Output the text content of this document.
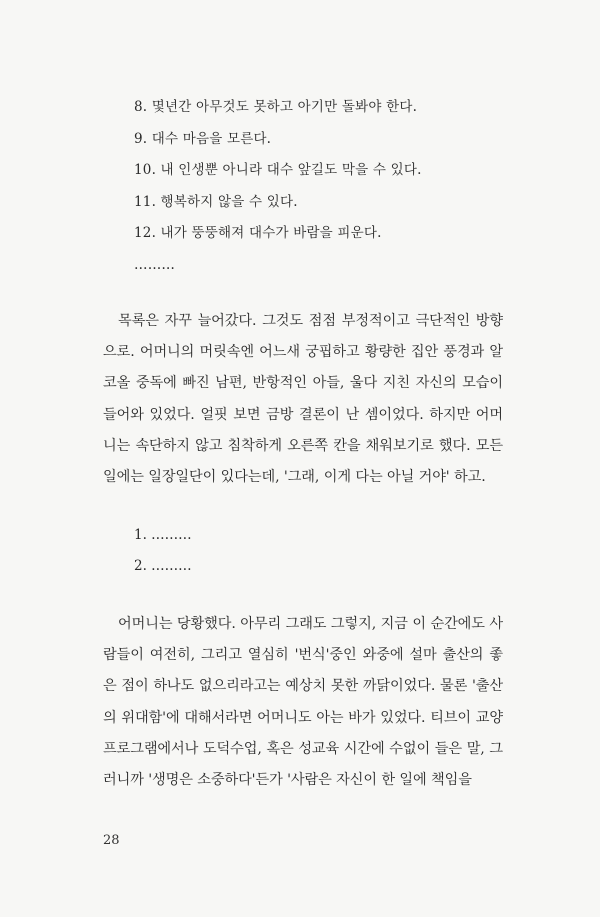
8. 몇년간 아무것도 못하고 아기만 돌봐야 한다.
9. 대수 마음을 모른다.
10. 내 인생뿐 아니라 대수 앞길도 막을 수 있다.
11. 행복하지 않을 수 있다.
12. 내가 뚱뚱해져 대수가 바람을 피운다.
………

목록은 자꾸 늘어갔다. 그것도 점점 부정적이고 극단적인 방향으로. 어머니의 머릿속엔 어느새 궁핍하고 황량한 집안 풍경과 알코올 중독에 빠진 남편, 반항적인 아들, 울다 지친 자신의 모습이 들어와 있었다. 얼핏 보면 금방 결론이 난 셈이었다. 하지만 어머니는 속단하지 않고 침착하게 오른쪽 칸을 채워보기로 했다. 모든 일에는 일장일단이 있다는데, '그래, 이게 다는 아닐 거야' 하고.

1. ………
2. ………

어머니는 당황했다. 아무리 그래도 그렇지, 지금 이 순간에도 사람들이 여전히, 그리고 열심히 '번식'중인 와중에 설마 출산의 좋은 점이 하나도 없으리라고는 예상치 못한 까닭이었다. 물론 '출산의 위대함'에 대해서라면 어머니도 아는 바가 있었다. 티브이 교양 프로그램에서나 도덕수업, 혹은 성교육 시간에 수없이 들은 말, 그러니까 '생명은 소중하다'든가 '사람은 자신이 한 일에 책임을

28
